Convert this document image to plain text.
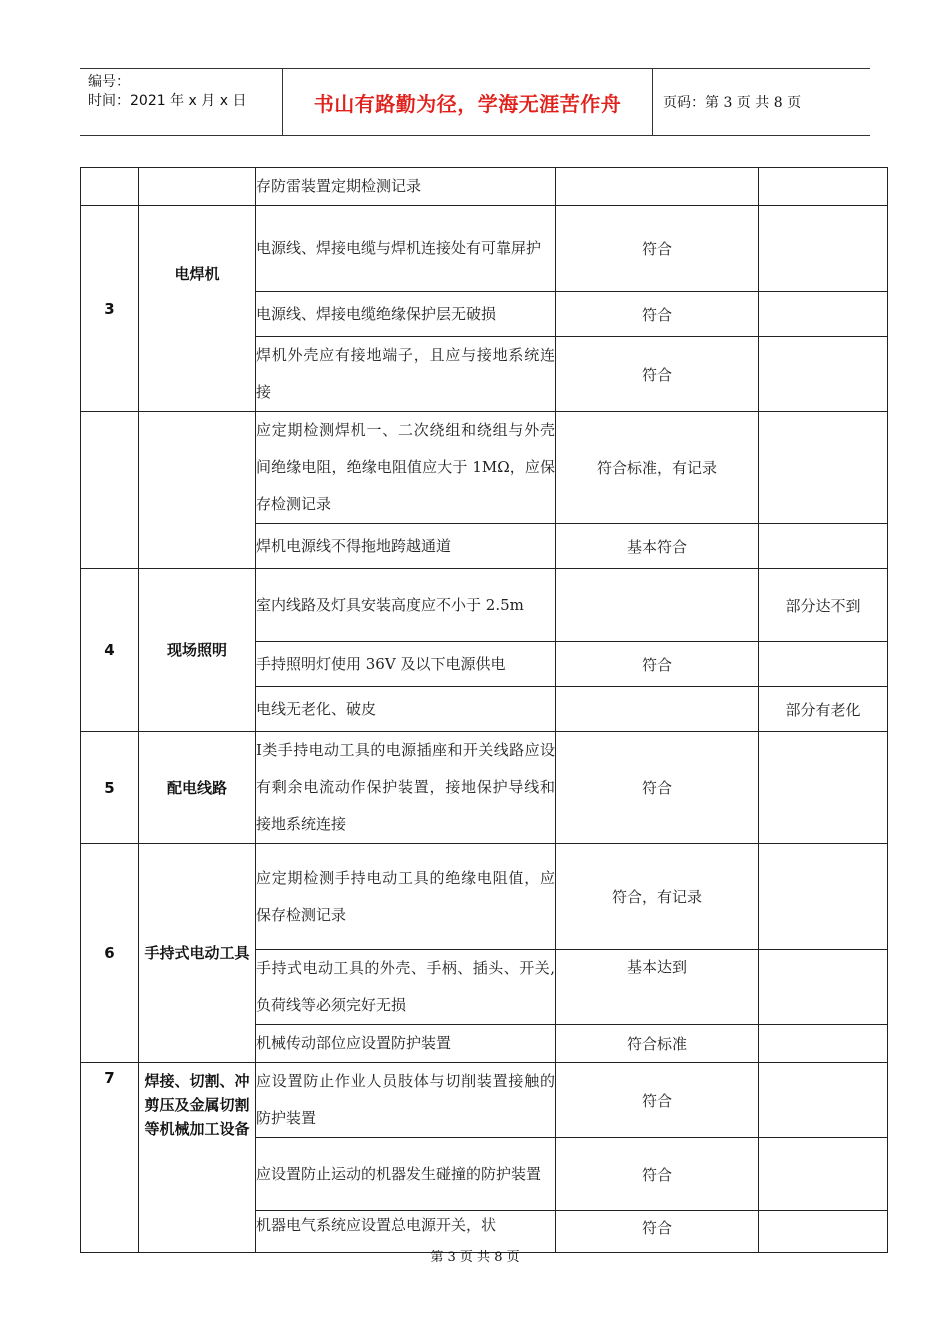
编号：
时间：2021 年 x 月 x 日	书山有路勤为径，学海无涯苦作舟	页码：第 3 页 共 8 页
		存防雷装置定期检测记录		
3	电焊机	电源线、焊接电缆与焊机连接处有可靠屏护	符合	
		电源线、焊接电缆绝缘保护层无破损	符合	
		焊机外壳应有接地端子，且应与接地系统连接	符合	
		应定期检测焊机一、二次绕组和绕组与外壳间绝缘电阻，绝缘电阻值应大于 1MΩ，应保存检测记录	符合标准，有记录	
		焊机电源线不得拖地跨越通道	基本符合	
4	现场照明	室内线路及灯具安装高度应不小于 2.5m		部分达不到
		手持照明灯使用 36V 及以下电源供电	符合	
		电线无老化、破皮		部分有老化
5	配电线路	Ⅰ类手持电动工具的电源插座和开关线路应设有剩余电流动作保护装置，接地保护导线和接地系统连接	符合	
6	手持式电动工具	应定期检测手持电动工具的绝缘电阻值，应保存检测记录	符合，有记录	
		手持式电动工具的外壳、手柄、插头、开关,负荷线等必须完好无损	基本达到	
		机械传动部位应设置防护装置	符合标准	
7	焊接、切割、冲剪压及金属切割等机械加工设备	应设置防止作业人员肢体与切削装置接触的防护装置	符合	
		应设置防止运动的机器发生碰撞的防护装置	符合	
		机器电气系统应设置总电源开关，状	符合	
第 3 页 共 8 页
